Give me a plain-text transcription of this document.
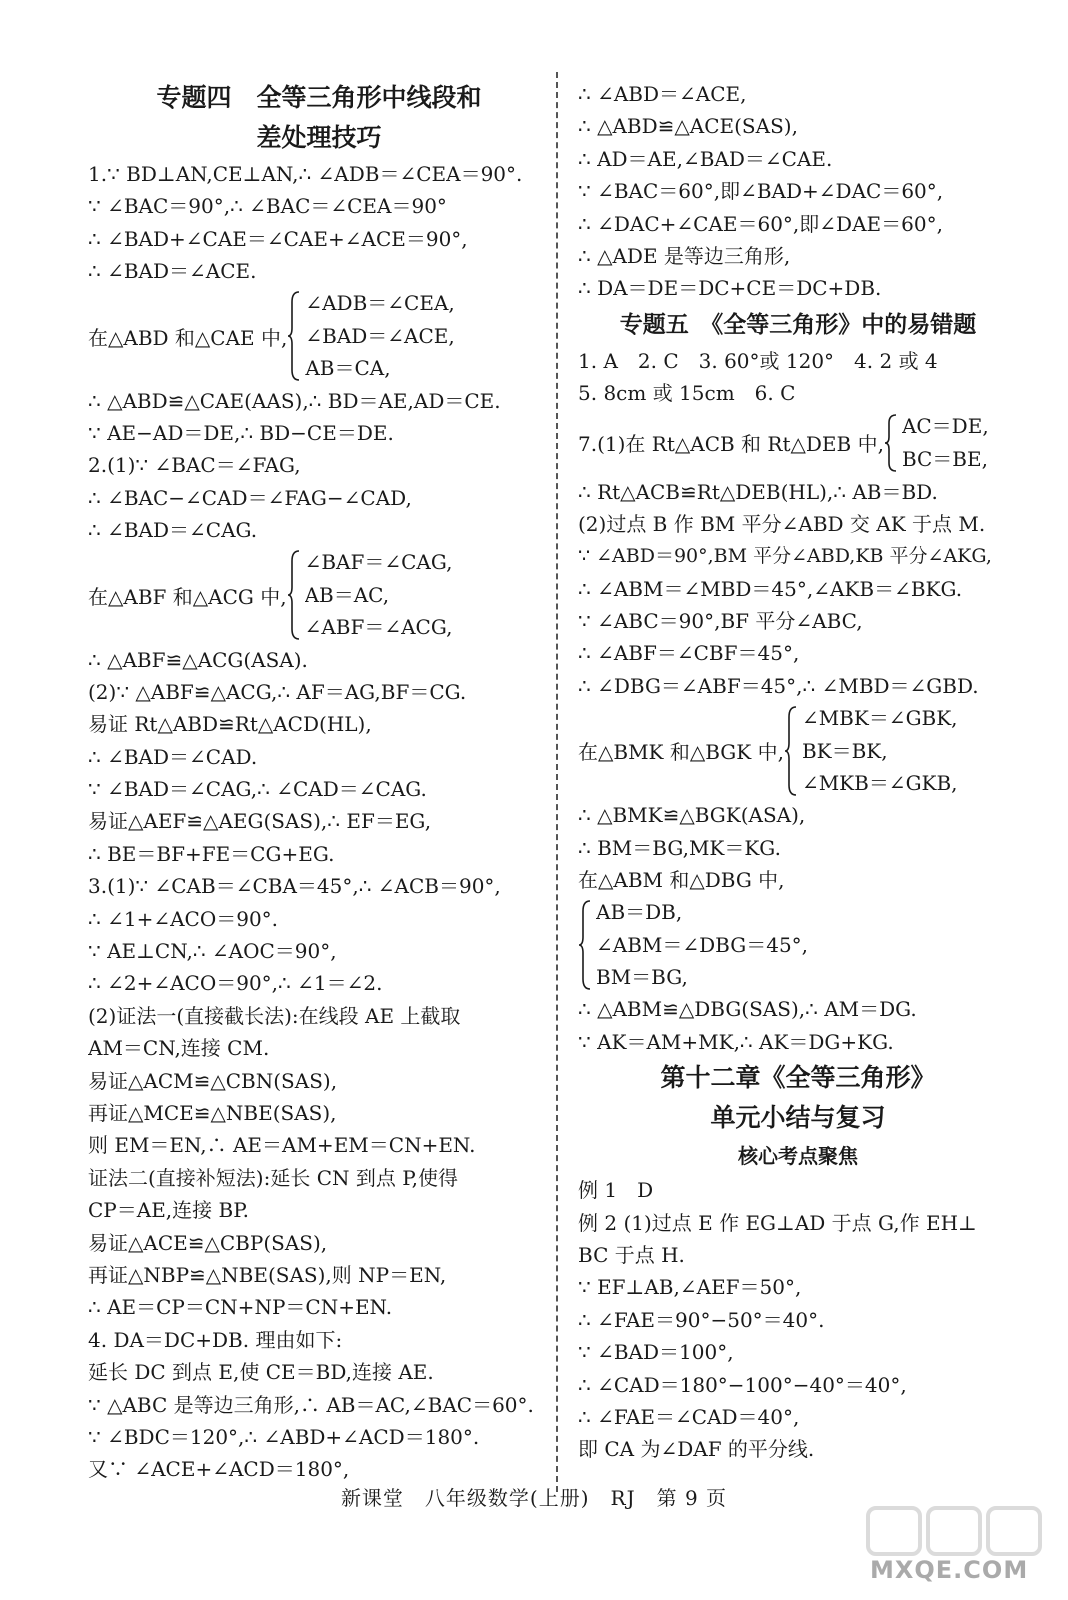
专题四　全等三角形中线段和
差处理技巧
1.∵ BD⊥AN,CE⊥AN,∴ ∠ADB＝∠CEA＝90°.
∵ ∠BAC＝90°,∴ ∠BAC＝∠CEA＝90°
∴ ∠BAD+∠CAE＝∠CAE+∠ACE＝90°,
∴ ∠BAD＝∠ACE.
在△ABD 和△CAE 中,
∠ADB＝∠CEA,
∠BAD＝∠ACE,
AB＝CA,
∴ △ABD≌△CAE(AAS),∴ BD＝AE,AD＝CE.
∵ AE−AD＝DE,∴ BD−CE＝DE.
2.(1)∵ ∠BAC＝∠FAG,
∴ ∠BAC−∠CAD＝∠FAG−∠CAD,
∴ ∠BAD＝∠CAG.
在△ABF 和△ACG 中,
∠BAF＝∠CAG,
AB＝AC,
∠ABF＝∠ACG,
∴ △ABF≌△ACG(ASA).
(2)∵ △ABF≌△ACG,∴ AF＝AG,BF＝CG.
易证 Rt△ABD≌Rt△ACD(HL),
∴ ∠BAD＝∠CAD.
∵ ∠BAD＝∠CAG,∴ ∠CAD＝∠CAG.
易证△AEF≌△AEG(SAS),∴ EF＝EG,
∴ BE＝BF+FE＝CG+EG.
3.(1)∵ ∠CAB＝∠CBA＝45°,∴ ∠ACB＝90°,
∴ ∠1+∠ACO＝90°.
∵ AE⊥CN,∴ ∠AOC＝90°,
∴ ∠2+∠ACO＝90°,∴ ∠1＝∠2.
(2)证法一(直接截长法):在线段 AE 上截取
AM＝CN,连接 CM.
易证△ACM≌△CBN(SAS),
再证△MCE≌△NBE(SAS),
则 EM＝EN,∴ AE＝AM+EM＝CN+EN.
证法二(直接补短法):延长 CN 到点 P,使得
CP＝AE,连接 BP.
易证△ACE≌△CBP(SAS),
再证△NBP≌△NBE(SAS),则 NP＝EN,
∴ AE＝CP＝CN+NP＝CN+EN.
4. DA＝DC+DB. 理由如下:
延长 DC 到点 E,使 CE＝BD,连接 AE.
∵ △ABC 是等边三角形,∴ AB＝AC,∠BAC＝60°.
∵ ∠BDC＝120°,∴ ∠ABD+∠ACD＝180°.
又∵ ∠ACE+∠ACD＝180°,
∴ ∠ABD＝∠ACE,
∴ △ABD≌△ACE(SAS),
∴ AD＝AE,∠BAD＝∠CAE.
∵ ∠BAC＝60°,即∠BAD+∠DAC＝60°,
∴ ∠DAC+∠CAE＝60°,即∠DAE＝60°,
∴ △ADE 是等边三角形,
∴ DA＝DE＝DC+CE＝DC+DB.
专题五　《全等三角形》中的易错题
1. A　2. C　3. 60°或 120°　4. 2 或 4
5. 8cm 或 15cm　6. C
7.(1)在 Rt△ACB 和 Rt△DEB 中,
AC＝DE,
BC＝BE,
∴ Rt△ACB≌Rt△DEB(HL),∴ AB＝BD.
(2)过点 B 作 BM 平分∠ABD 交 AK 于点 M.
∵ ∠ABD＝90°,BM 平分∠ABD,KB 平分∠AKG,
∴ ∠ABM＝∠MBD＝45°,∠AKB＝∠BKG.
∵ ∠ABC＝90°,BF 平分∠ABC,
∴ ∠ABF＝∠CBF＝45°,
∴ ∠DBG＝∠ABF＝45°,∴ ∠MBD＝∠GBD.
在△BMK 和△BGK 中,
∠MBK＝∠GBK,
BK＝BK,
∠MKB＝∠GKB,
∴ △BMK≌△BGK(ASA),
∴ BM＝BG,MK＝KG.
在△ABM 和△DBG 中,
AB＝DB,
∠ABM＝∠DBG＝45°,
BM＝BG,
∴ △ABM≌△DBG(SAS),∴ AM＝DG.
∵ AK＝AM+MK,∴ AK＝DG+KG.
第十二章《全等三角形》
单元小结与复习
核心考点聚焦
例 1　D
例 2 (1)过点 E 作 EG⊥AD 于点 G,作 EH⊥
BC 于点 H.
∵ EF⊥AB,∠AEF＝50°,
∴ ∠FAE＝90°−50°＝40°.
∵ ∠BAD＝100°,
∴ ∠CAD＝180°−100°−40°＝40°,
∴ ∠FAE＝∠CAD＝40°,
即 CA 为∠DAF 的平分线.
新课堂　八年级数学(上册)　RJ　第 9 页
MXQE.COM
